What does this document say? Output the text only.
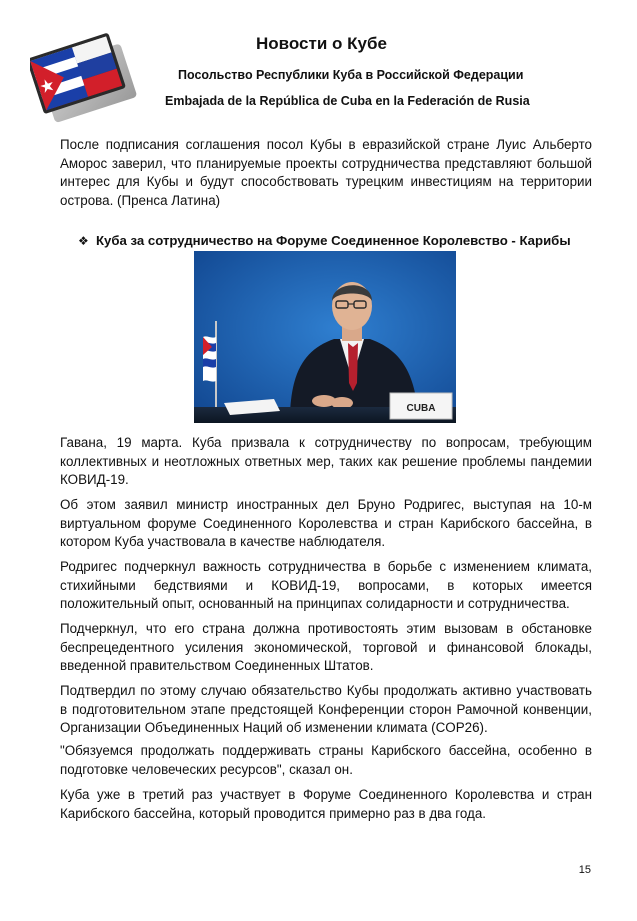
Новости о Кубе
Посольство Республики Куба в Российской Федерации
Embajada de la República de Cuba en la Federación de Rusia

После подписания соглашения посол Кубы в евразийской стране Луис Альберто Аморос заверил, что планируемые проекты сотрудничества представляют большой интерес для Кубы и будут способствовать турецким инвестициям на территории острова. (Пренса Латина)

❖ Куба за сотрудничество на Форуме Соединенное Королевство - Карибы
CUBA

Гавана, 19 марта. Куба призвала к сотрудничеству по вопросам, требующим коллективных и неотложных ответных мер, таких как решение проблемы пандемии КОВИД-19.

Об этом заявил министр иностранных дел Бруно Родригес, выступая на 10-м виртуальном форуме Соединенного Королевства и стран Карибского бассейна, в котором Куба участвовала в качестве наблюдателя.

Родригес подчеркнул важность сотрудничества в борьбе с изменением климата, стихийными бедствиями и КОВИД-19, вопросами, в которых имеется положительный опыт, основанный на принципах солидарности и сотрудничества.

Подчеркнул, что его страна должна противостоять этим вызовам в обстановке беспрецедентного усиления экономической, торговой и финансовой блокады, введенной правительством Соединенных Штатов.

Подтвердил по этому случаю обязательство Кубы продолжать активно участвовать в подготовительном этапе предстоящей Конференции сторон Рамочной конвенции, Организации Объединенных Наций об изменении климата (COP26).

"Обязуемся продолжать поддерживать страны Карибского бассейна, особенно в подготовке человеческих ресурсов", сказал он.

Куба уже в третий раз участвует в Форуме Соединенного Королевства и стран Карибского бассейна, который проводится примерно раз в два года.

15
